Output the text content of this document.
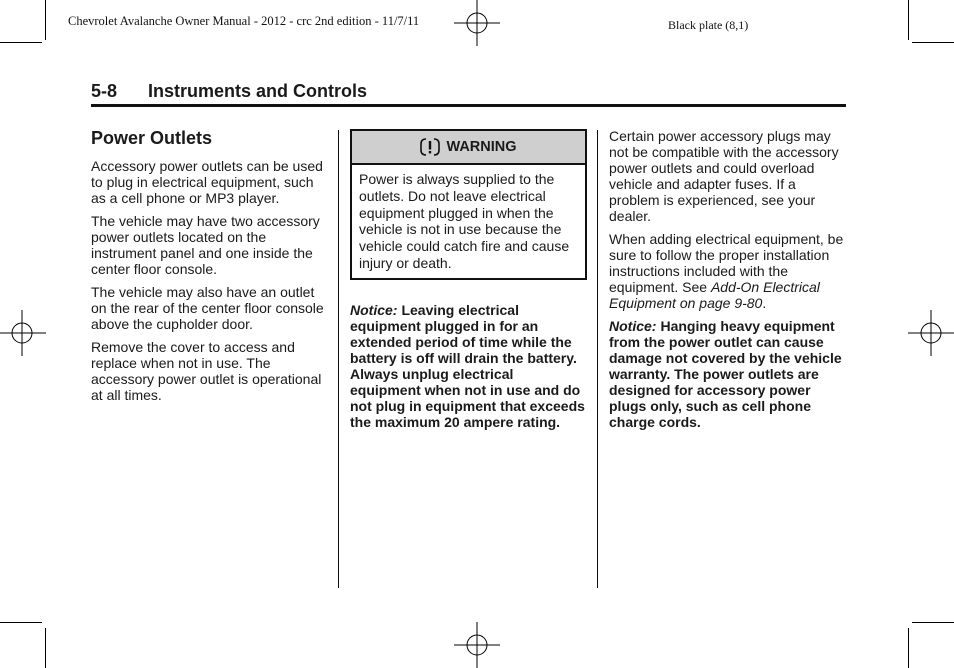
Chevrolet Avalanche Owner Manual - 2012 - crc 2nd edition - 11/7/11	Black plate (8,1)
5-8 Instruments and Controls
Power Outlets

Accessory power outlets can be used to plug in electrical equipment, such as a cell phone or MP3 player.

The vehicle may have two accessory power outlets located on the instrument panel and one inside the center floor console.

The vehicle may also have an outlet on the rear of the center floor console above the cupholder door.

Remove the cover to access and replace when not in use. The accessory power outlet is operational at all times.

WARNING
Power is always supplied to the outlets. Do not leave electrical equipment plugged in when the vehicle is not in use because the vehicle could catch fire and cause injury or death.

Notice: Leaving electrical equipment plugged in for an extended period of time while the battery is off will drain the battery. Always unplug electrical equipment when not in use and do not plug in equipment that exceeds the maximum 20 ampere rating.

Certain power accessory plugs may not be compatible with the accessory power outlets and could overload vehicle and adapter fuses. If a problem is experienced, see your dealer.

When adding electrical equipment, be sure to follow the proper installation instructions included with the equipment. See Add-On Electrical Equipment on page 9-80.

Notice: Hanging heavy equipment from the power outlet can cause damage not covered by the vehicle warranty. The power outlets are designed for accessory power plugs only, such as cell phone charge cords.
